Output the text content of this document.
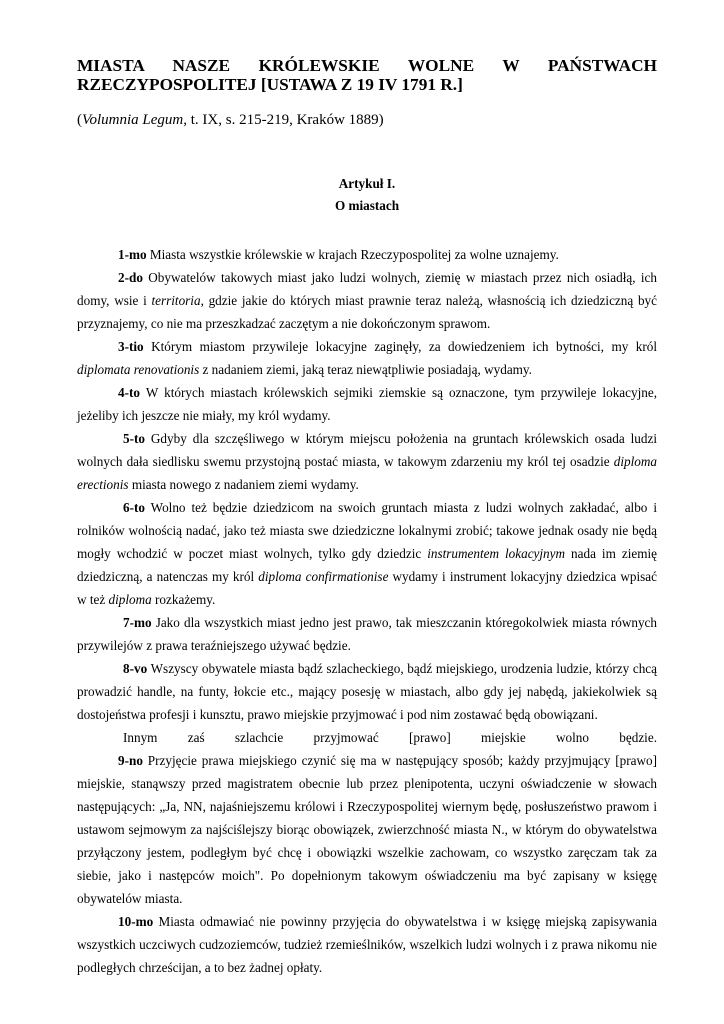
MIASTA NASZE KRÓLEWSKIE WOLNE W PAŃSTWACH
RZECZYPOSPOLITEJ [USTAWA Z 19 IV 1791 R.]
(Volumnia Legum, t. IX, s. 215-219, Kraków 1889)
Artykuł I.
O miastach

1-mo Miasta wszystkie królewskie w krajach Rzeczypospolitej za wolne uznajemy.

2-do Obywatelów takowych miast jako ludzi wolnych, ziemię w miastach przez nich osiadłą, ich domy, wsie i territoria, gdzie jakie do których miast prawnie teraz należą, własnością ich dziedziczną być przyznajemy, co nie ma przeszkadzać zaczętym a nie dokończonym sprawom.

3-tio Którym miastom przywileje lokacyjne zaginęły, za dowiedzeniem ich bytności, my król diplomata renovationis z nadaniem ziemi, jaką teraz niewątpliwie posiadają, wydamy.

4-to W których miastach królewskich sejmiki ziemskie są oznaczone, tym przywileje lokacyjne, jeżeliby ich jeszcze nie miały, my król wydamy.

5-to Gdyby dla szczęśliwego w którym miejscu położenia na gruntach królewskich osada ludzi wolnych dała siedlisku swemu przystojną postać miasta, w takowym zdarzeniu my król tej osadzie diploma erectionis miasta nowego z nadaniem ziemi wydamy.

6-to Wolno też będzie dziedzicom na swoich gruntach miasta z ludzi wolnych zakładać, albo i rolników wolnością nadać, jako też miasta swe dziedziczne lokalnymi zrobić; takowe jednak osady nie będą mogły wchodzić w poczet miast wolnych, tylko gdy dziedzic instrumentem lokacyjnym nada im ziemię dziedziczną, a natenczas my król diploma confirmationise wydamy i instrument lokacyjny dziedzica wpisać w też diploma rozkażemy.

7-mo Jako dla wszystkich miast jedno jest prawo, tak mieszczanin któregokolwiek miasta równych przywilejów z prawa teraźniejszego używać będzie.

8-vo Wszyscy obywatele miasta bądź szlacheckiego, bądź miejskiego, urodzenia ludzie, którzy chcą prowadzić handle, na funty, łokcie etc., mający posesję w miastach, albo gdy jej nabędą, jakiekolwiek są dostojeństwa profesji i kunsztu, prawo miejskie przyjmować i pod nim zostawać będą obowiązani.
Innym zaś szlachcie przyjmować [prawo] miejskie wolno będzie.

9-no Przyjęcie prawa miejskiego czynić się ma w następujący sposób; każdy przyjmujący [prawo] miejskie, stanąwszy przed magistratem obecnie lub przez plenipotenta, uczyni oświadczenie w słowach następujących: „Ja, NN, najaśniejszemu królowi i Rzeczypospolitej wiernym będę, posłuszeństwo prawom i ustawom sejmowym za najściślejszy biorąc obowiązek, zwierzchność miasta N., w którym do obywatelstwa przyłączony jestem, podległym być chcę i obowiązki wszelkie zachowam, co wszystko zaręczam tak za siebie, jako i następców moich". Po dopełnionym takowym oświadczeniu ma być zapisany w księgę obywatelów miasta.

10-mo Miasta odmawiać nie powinny przyjęcia do obywatelstwa i w księgę miejską zapisywania wszystkich uczciwych cudzoziemców, tudzież rzemieślników, wszelkich ludzi wolnych i z prawa nikomu nie podległych chrześcijan, a to bez żadnej opłaty.
